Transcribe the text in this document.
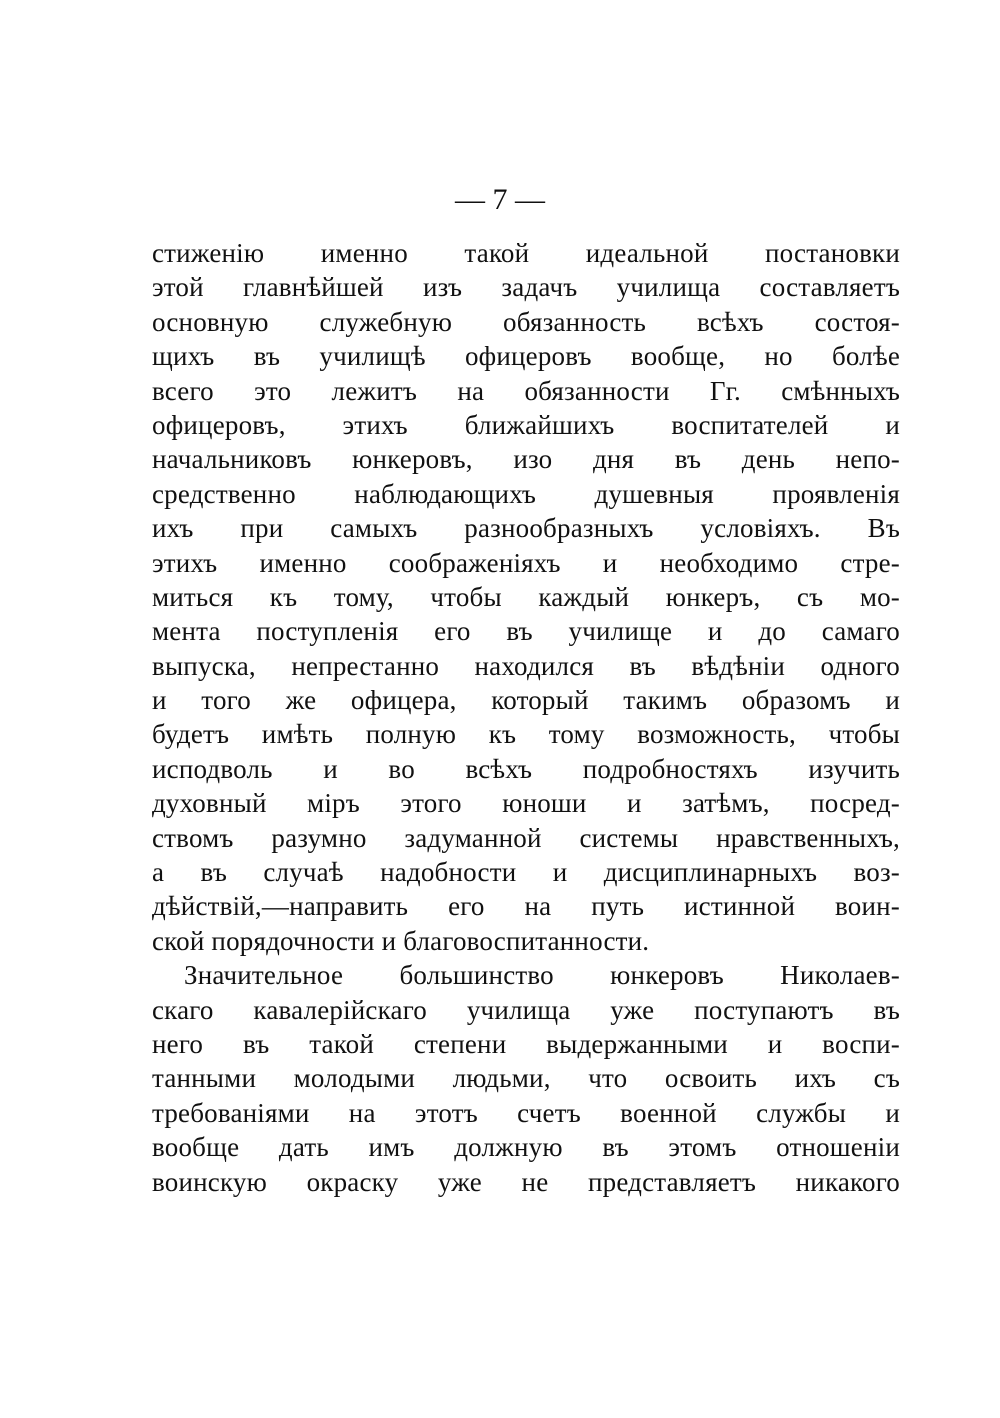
— 7 —
стиженію именно такой идеальной постановки
этой главнѣйшей изъ задачъ училища составляетъ
основную служебную обязанность всѣхъ состоя-
щихъ въ училищѣ офицеровъ вообще, но болѣе
всего это лежитъ на обязанности Гг. смѣнныхъ
офицеровъ, этихъ ближайшихъ воспитателей и
начальниковъ юнкеровъ, изо дня въ день непо-
средственно наблюдающихъ душевныя проявленія
ихъ при самыхъ разнообразныхъ условіяхъ. Въ
этихъ именно соображеніяхъ и необходимо стре-
миться къ тому, чтобы каждый юнкеръ, съ мо-
мента поступленія его въ училище и до самаго
выпуска, непрестанно находился въ вѣдѣніи одного
и того же офицера, который такимъ образомъ и
будетъ имѣть полную къ тому возможность, чтобы
исподволь и во всѣхъ подробностяхъ изучить
духовный міръ этого юноши и затѣмъ, посред-
ствомъ разумно задуманной системы нравственныхъ,
а въ случаѣ надобности и дисциплинарныхъ воз-
дѣйствій,—направить его на путь истинной воин-
ской порядочности и благовоспитанности.
Значительное большинство юнкеровъ Николаев-
скаго кавалерійскаго училища уже поступаютъ въ
него въ такой степени выдержанными и воспи-
танными молодыми людьми, что освоить ихъ съ
требованіями на этотъ счетъ военной службы и
вообще дать имъ должную въ этомъ отношеніи
воинскую окраску уже не представляетъ никакого
